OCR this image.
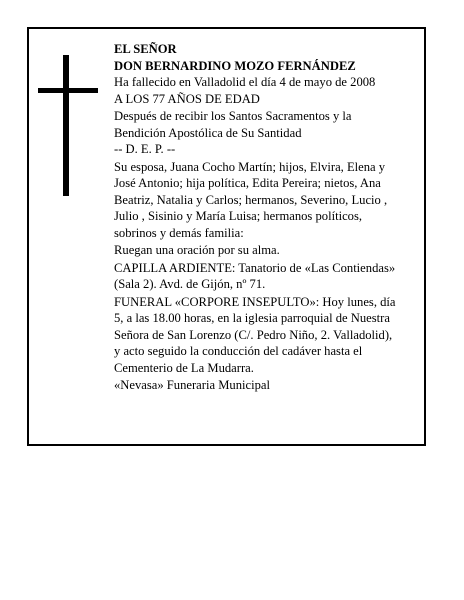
EL SEÑOR

DON BERNARDINO MOZO FERNÁNDEZ

Ha fallecido en Valladolid el día 4 de mayo de 2008

A LOS 77 AÑOS DE EDAD

Después de recibir los Santos Sacramentos y la

Bendición Apostólica de Su Santidad

-- D. E. P. --

Su esposa, Juana Cocho Martín; hijos, Elvira, Elena y

José Antonio; hija política, Edita Pereira; nietos, Ana

Beatriz, Natalia y Carlos; hermanos, Severino, Lucio ,

Julio , Sisinio y María Luisa; hermanos políticos,

sobrinos y demás familia:

Ruegan una oración por su alma.

CAPILLA ARDIENTE: Tanatorio de «Las Contiendas»

(Sala 2). Avd. de Gijón, nº 71.

FUNERAL «CORPORE INSEPULTO»: Hoy lunes, día

5, a las 18.00 horas, en la iglesia parroquial de Nuestra

Señora de San Lorenzo (C/. Pedro Niño, 2. Valladolid),

y acto seguido la conducción del cadáver hasta el

Cementerio de La Mudarra.

«Nevasa» Funeraria Municipal
